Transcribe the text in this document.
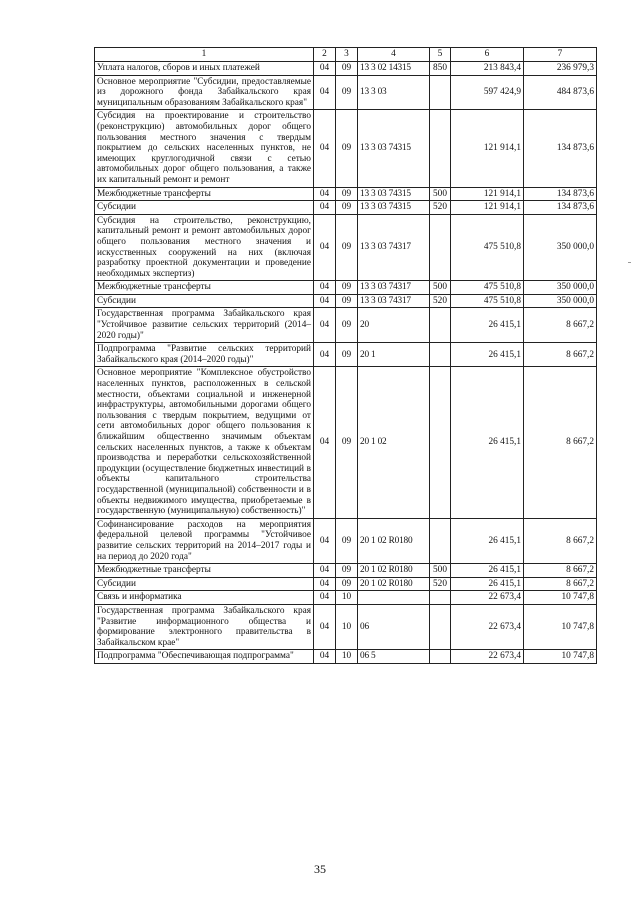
1	2	3	4	5	6	7
Уплата налогов, сборов и иных платежей	04	09	13 3 02 14315	850	213 843,4	236 979,3
Основное мероприятие "Субсидии, предоставляемые из дорожного фонда Забайкальского края муниципальным образованиям Забайкальского края"	04	09	13 3 03		597 424,9	484 873,6
Субсидия на проектирование и строительство (реконструкцию) автомобильных дорог общего пользования местного значения с твердым покрытием до сельских населенных пунктов, не имеющих круглогодичной связи с сетью автомобильных дорог общего пользования, а также их капитальный ремонт и ремонт	04	09	13 3 03 74315		121 914,1	134 873,6
Межбюджетные трансферты	04	09	13 3 03 74315	500	121 914,1	134 873,6
Субсидии	04	09	13 3 03 74315	520	121 914,1	134 873,6
Субсидия на строительство, реконструкцию, капитальный ремонт и ремонт автомобильных дорог общего пользования местного значения и искусственных сооружений на них (включая разработку проектной документации и проведение необходимых экспертиз)	04	09	13 3 03 74317		475 510,8	350 000,0
Межбюджетные трансферты	04	09	13 3 03 74317	500	475 510,8	350 000,0
Субсидии	04	09	13 3 03 74317	520	475 510,8	350 000,0
Государственная программа Забайкальского края "Устойчивое развитие сельских территорий (2014–2020 годы)"	04	09	20		26 415,1	8 667,2
Подпрограмма "Развитие сельских территорий Забайкальского края (2014–2020 годы)"	04	09	20 1		26 415,1	8 667,2
Основное мероприятие "Комплексное обустройство населенных пунктов, расположенных в сельской местности, объектами социальной и инженерной инфраструктуры, автомобильными дорогами общего пользования с твердым покрытием, ведущими от сети автомобильных дорог общего пользования к ближайшим общественно значимым объектам сельских населенных пунктов, а также к объектам производства и переработки сельскохозяйственной продукции (осуществление бюджетных инвестиций в объекты капитального строительства государственной (муниципальной) собственности и в объекты недвижимого имущества, приобретаемые в государственную (муниципальную) собственность)"	04	09	20 1 02		26 415,1	8 667,2
Софинансирование расходов на мероприятия федеральной целевой программы "Устойчивое развитие сельских территорий на 2014–2017 годы и на период до 2020 года"	04	09	20 1 02 R0180		26 415,1	8 667,2
Межбюджетные трансферты	04	09	20 1 02 R0180	500	26 415,1	8 667,2
Субсидии	04	09	20 1 02 R0180	520	26 415,1	8 667,2
Связь и информатика	04	10			22 673,4	10 747,8
Государственная программа Забайкальского края "Развитие информационного общества и формирование электронного правительства в Забайкальском крае"	04	10	06		22 673,4	10 747,8
Подпрограмма "Обеспечивающая подпрограмма"	04	10	06 5		22 673,4	10 747,8
35
